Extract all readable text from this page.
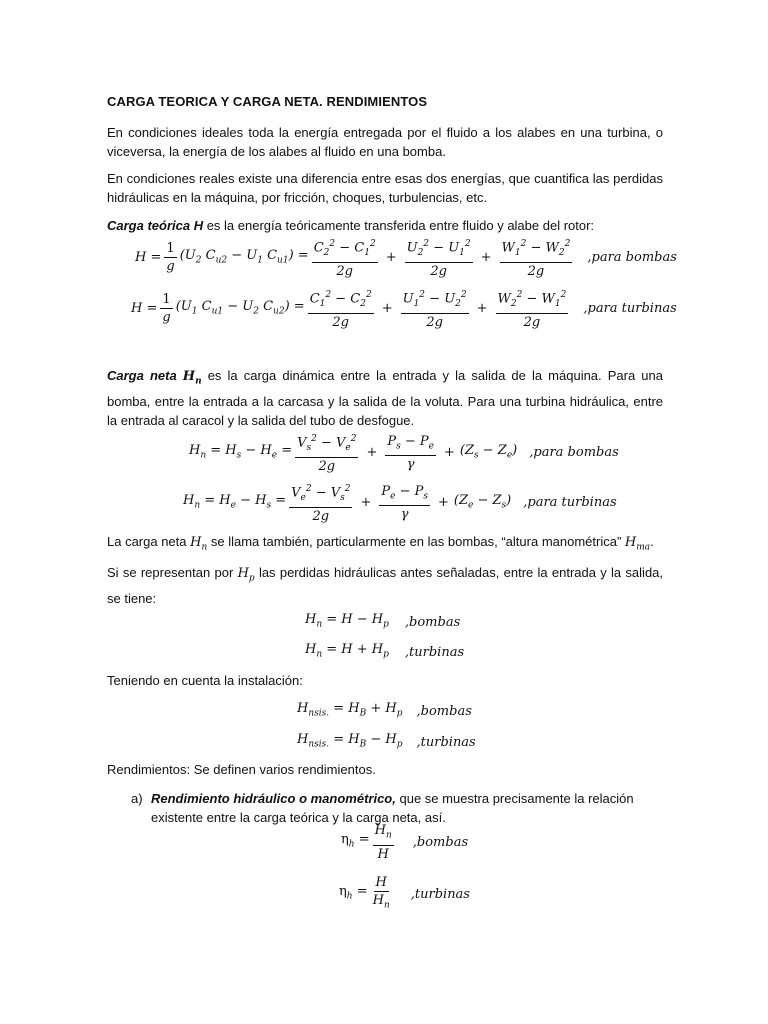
CARGA TEORICA Y CARGA NETA. RENDIMIENTOS
En condiciones ideales toda la energía entregada por el fluido a los alabes en una turbina, o viceversa, la energía de los alabes al fluido en una bomba.
En condiciones reales existe una diferencia entre esas dos energías, que cuantifica las perdidas hidráulicas en la máquina, por fricción, choques, turbulencias, etc.
Carga teórica H es la energía teóricamente transferida entre fluido y alabe del rotor:
$H = \frac{1}{g} (U_2$ $C_{u2} - U_1$ $C_{u1}) = \frac{C_2^2 - C_1^2}{2g} + \frac{U_2^2 - U_1^2}{2g} + \frac{W_1^2 - W_2^2}{2g}$ ,para bombas
$H = \frac{1}{g} (U_1$ $C_{u1} - U_2$ $C_{u2}) = \frac{C_1^2 - C_2^2}{2g} + \frac{U_1^2 - U_2^2}{2g} + \frac{W_2^2 - W_1^2}{2g}$ ,para turbinas
Carga neta $H_n$ es la carga dinámica entre la entrada y la salida de la máquina. Para una bomba, entre la entrada a la carcasa y la salida de la voluta. Para una turbina hidráulica, entre la entrada al caracol y la salida del tubo de desfogue.
$H_n = H_s - H_e = \frac{V_s^2 - V_e^2}{2g} + \frac{P_s - P_e}{\gamma} + (Z_s - Z_e)$ ,para bombas
$H_n = H_e - H_s = \frac{V_e^2 - V_s^2}{2g} + \frac{P_e - P_s}{\gamma} + (Z_e - Z_s)$ ,para turbinas
La carga neta $H_n$ se llama también, particularmente en las bombas, “altura manométrica” $H_{ma}$.
Si se representan por $H_p$ las perdidas hidráulicas antes señaladas, entre la entrada y la salida, se tiene:
$H_n = H - H_p$ ,bombas
$H_n = H + H_p$ ,turbinas
Teniendo en cuenta la instalación:
$H_{nsis.} = H_B + H_p$ ,bombas
$H_{nsis.} = H_B - H_p$ ,turbinas
Rendimientos: Se definen varios rendimientos.
a) Rendimiento hidráulico o manométrico, que se muestra precisamente la relación existente entre la carga teórica y la carga neta, así.
$\eta_h = \frac{H_n}{H}$ ,bombas
$\eta_h = \frac{H}{H_n}$ ,turbinas
